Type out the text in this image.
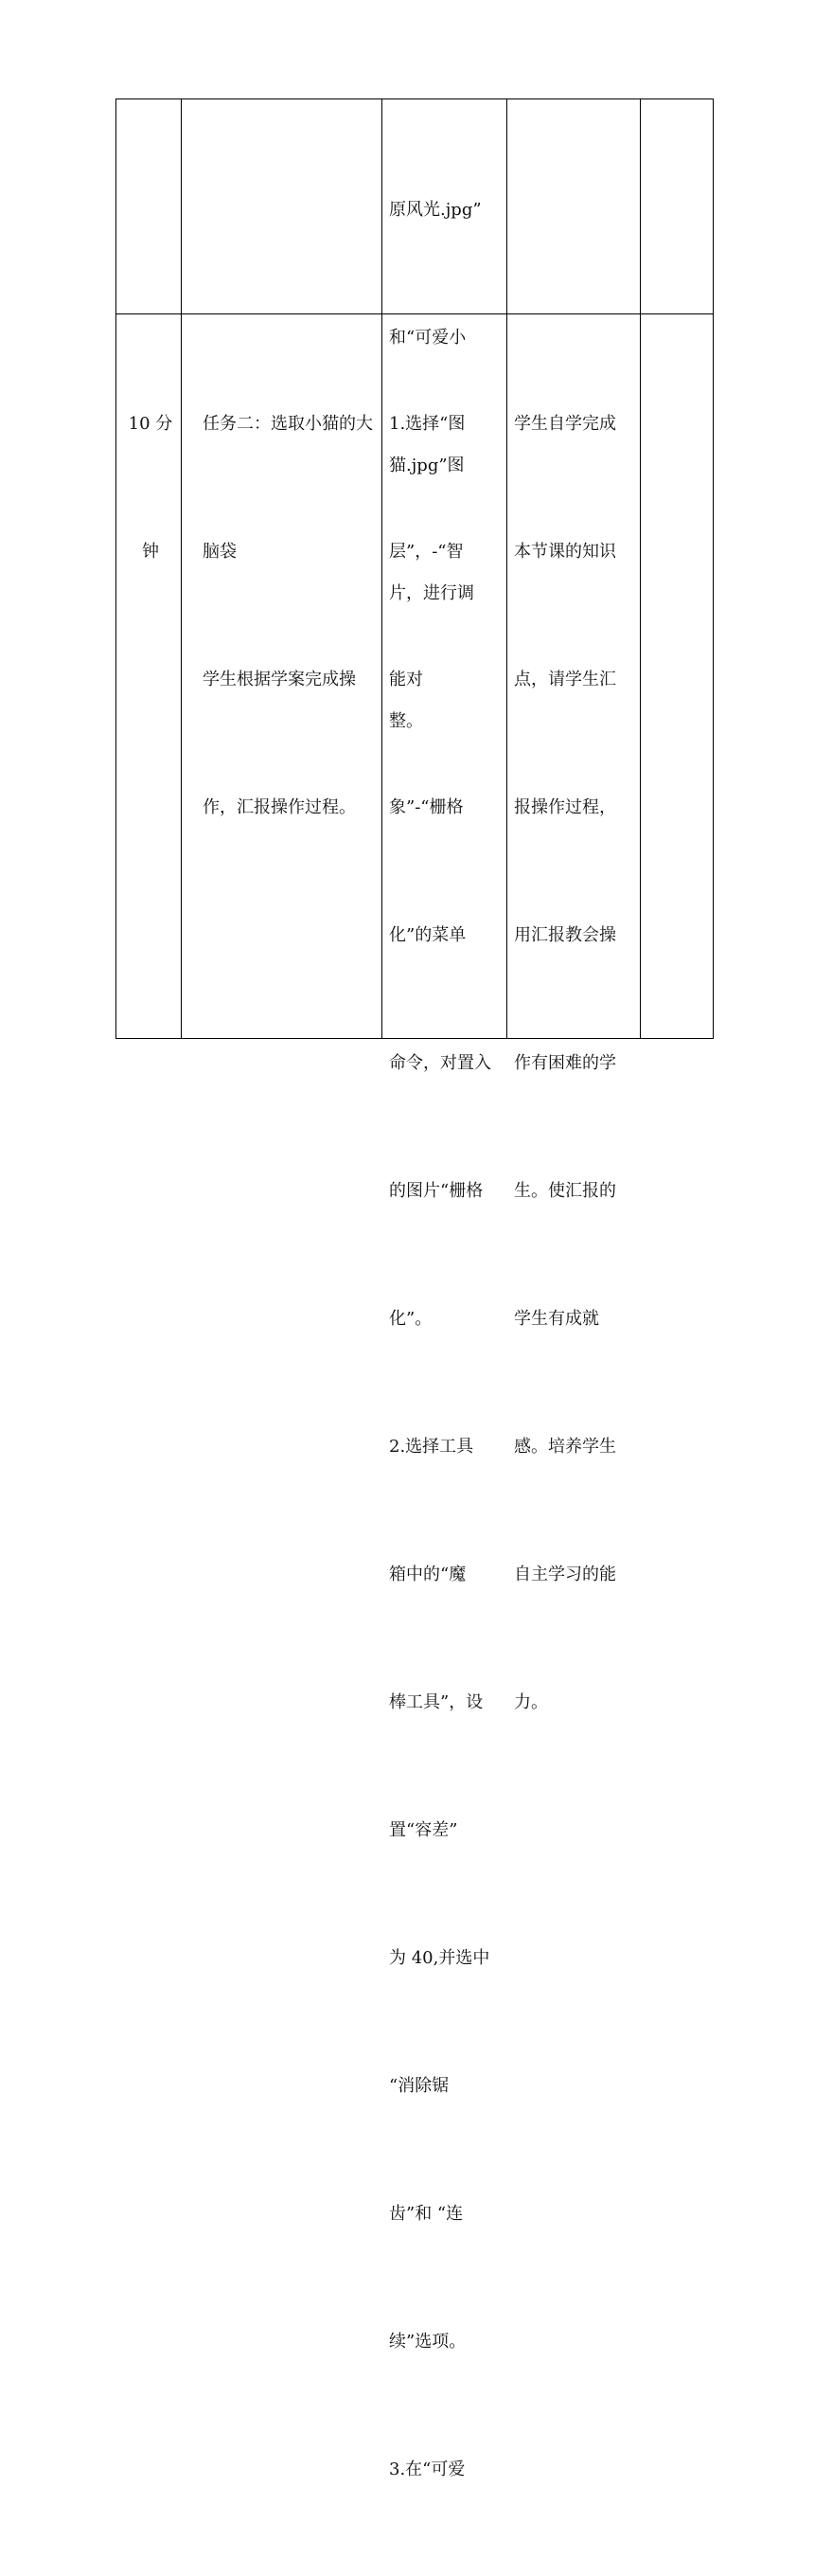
原风光.jpg”

和“可爱小

猫.jpg”图

片，进行调

整。

10 分

钟

任务二：选取小猫的大

脑袋

学生根据学案完成操

作，汇报操作过程。

1.选择“图

层”，-“智

能对

象”-“栅格

化”的菜单

命令，对置入

的图片“栅格

化”。

2.选择工具

箱中的“魔

棒工具”，设

置“容差”

为 40,并选中

“消除锯

齿”和 “连

续”选项。

3.在“可爱

学生自学完成

本节课的知识

点，请学生汇

报操作过程，

用汇报教会操

作有困难的学

生。使汇报的

学生有成就

感。培养学生

自主学习的能

力。
